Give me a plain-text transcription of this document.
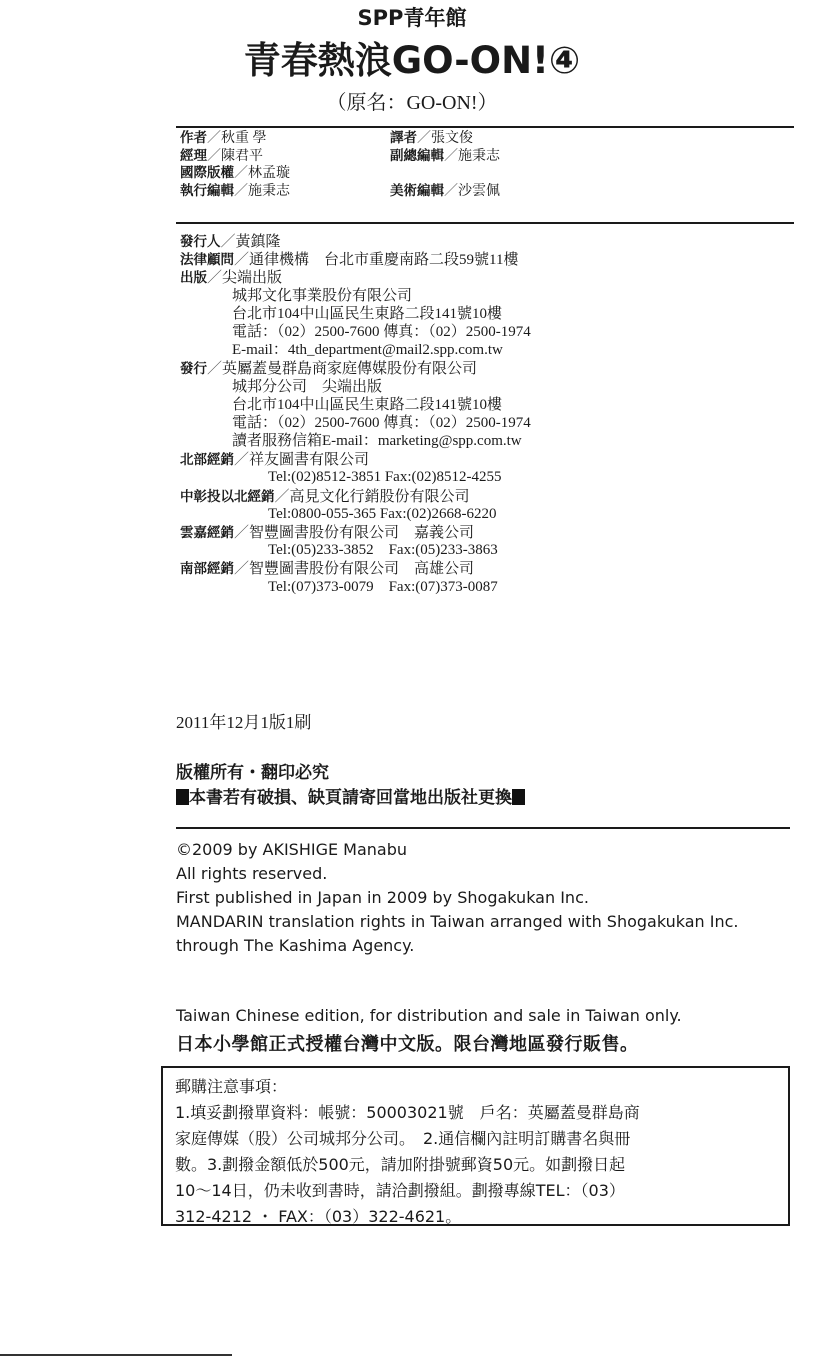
SPP青年館
青春熱浪GO-ON!④
（原名：GO-ON!）
作者／秋重 學	譯者／張文俊
經理／陳君平	副總編輯／施秉志
國際版權／林孟璇
執行編輯／施秉志	美術編輯／沙雲佩
發行人／黃鎮隆
法律顧問／通律機構　台北市重慶南路二段59號11樓
出版／尖端出版
城邦文化事業股份有限公司
台北市104中山區民生東路二段141號10樓
電話：（02）2500-7600 傳真：（02）2500-1974
E-mail：4th_department@mail2.spp.com.tw
發行／英屬蓋曼群島商家庭傳媒股份有限公司
城邦分公司　尖端出版
台北市104中山區民生東路二段141號10樓
電話：（02）2500-7600 傳真：（02）2500-1974
讀者服務信箱E-mail：marketing@spp.com.tw
北部經銷／祥友圖書有限公司
Tel:(02)8512-3851 Fax:(02)8512-4255
中彰投以北經銷／高見文化行銷股份有限公司
Tel:0800-055-365 Fax:(02)2668-6220
雲嘉經銷／智豐圖書股份有限公司　嘉義公司
Tel:(05)233-3852　Fax:(05)233-3863
南部經銷／智豐圖書股份有限公司　高雄公司
Tel:(07)373-0079　Fax:(07)373-0087
2011年12月1版1刷
版權所有・翻印必究
本書若有破損、缺頁請寄回當地出版社更換
©2009 by AKISHIGE Manabu
All rights reserved.
First published in Japan in 2009 by Shogakukan Inc.
MANDARIN translation rights in Taiwan arranged with Shogakukan Inc.
through The Kashima Agency.
Taiwan Chinese edition, for distribution and sale in Taiwan only.
日本小學館正式授權台灣中文版。限台灣地區發行販售。
郵購注意事項：
1.填妥劃撥單資料：帳號：50003021號　戶名：英屬蓋曼群島商
家庭傳媒（股）公司城邦分公司。　2.通信欄內註明訂購書名與冊
數。3.劃撥金額低於500元，請加附掛號郵資50元。如劃撥日起
10～14日，仍未收到書時，請洽劃撥組。劃撥專線TEL：（03）
312-4212 ・ FAX：（03）322-4621。
